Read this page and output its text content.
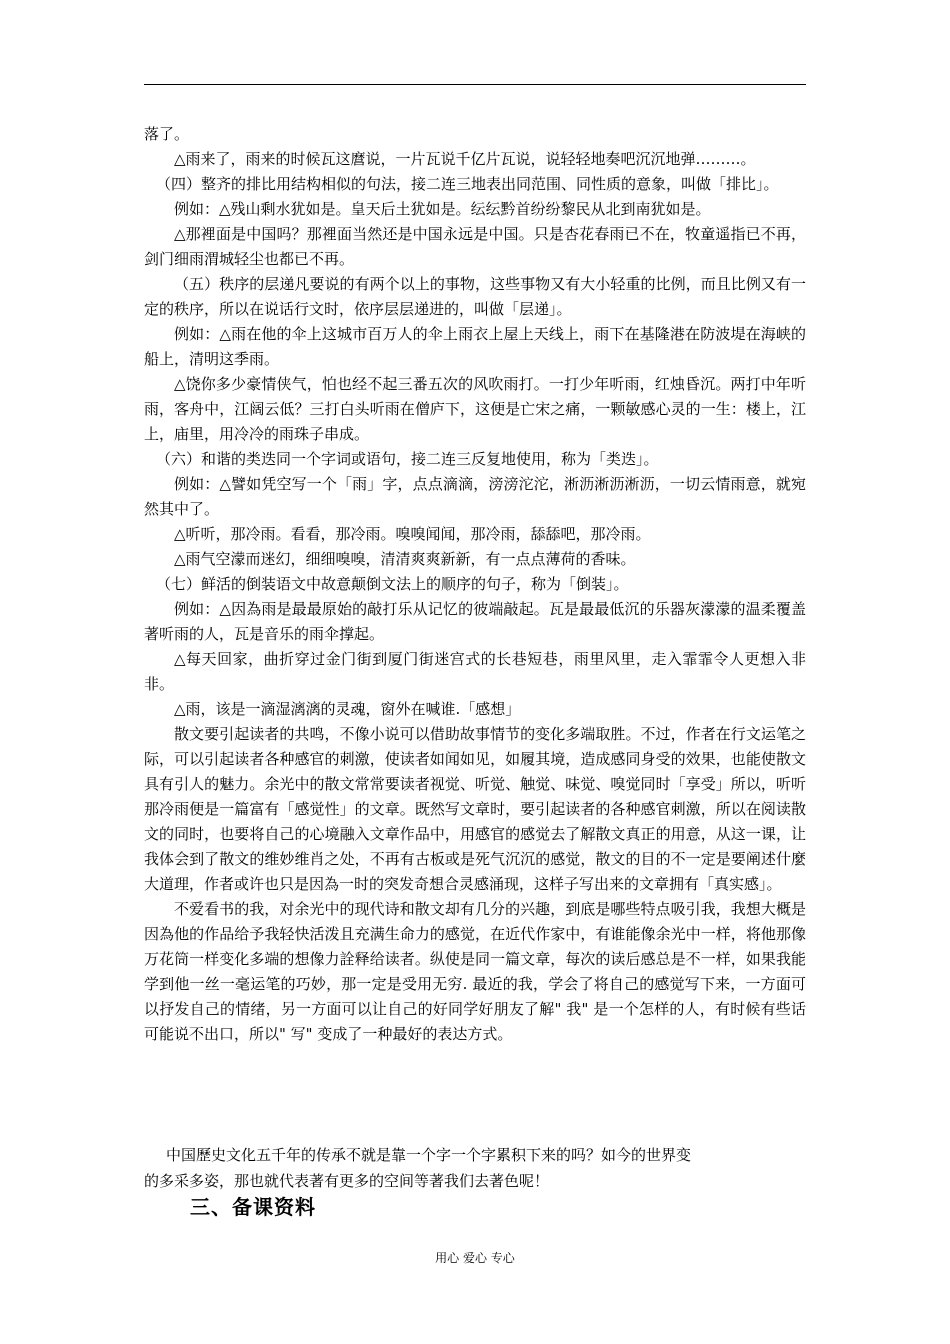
落了。

△雨来了，雨来的时候瓦这麿说，一片瓦说千亿片瓦说，说轻轻地奏吧沉沉地弹………。

（四）整齐的排比用结构相似的句法，接二连三地表出同范围、同性质的意象，叫做「排比」。

例如：△残山剩水犹如是。皇天后土犹如是。纭纭黔首纷纷黎民从北到南犹如是。

△那裡面是中国吗？那裡面当然还是中国永远是中国。只是杏花春雨已不在，牧童遥指已不再，剑门细雨渭城轻尘也都已不再。

（五）秩序的层递凡要说的有两个以上的事物，这些事物又有大小轻重的比例，而且比例又有一定的秩序，所以在说话行文时，依序层层递进的，叫做「层递」。

例如：△雨在他的伞上这城市百万人的伞上雨衣上屋上天线上，雨下在基隆港在防波堤在海峡的船上，清明这季雨。

△饶你多少豪情侠气，怕也经不起三番五次的风吹雨打。一打少年听雨，红烛昏沉。两打中年听雨，客舟中，江阔云低？三打白头听雨在僧庐下，这便是亡宋之痛，一颗敏感心灵的一生：楼上，江上，庙里，用冷冷的雨珠子串成。

（六）和谐的类迭同一个字词或语句，接二连三反复地使用，称为「类迭」。

例如：△譬如凭空写一个「雨」字，点点滴滴，滂滂沱沱，淅沥淅沥淅沥，一切云情雨意，就宛然其中了。

△听听，那冷雨。看看，那冷雨。嗅嗅闻闻，那冷雨，舔舔吧，那冷雨。

△雨气空濛而迷幻，细细嗅嗅，清清爽爽新新，有一点点薄荷的香味。

（七）鲜活的倒装语文中故意颠倒文法上的顺序的句子，称为「倒装」。

例如：△因為雨是最最原始的敲打乐从记忆的彼端敲起。瓦是最最低沉的乐器灰濛濛的温柔覆盖著听雨的人，瓦是音乐的雨伞撑起。

△每天回家，曲折穿过金门街到厦门街迷宫式的长巷短巷，雨里风里，走入霏霏令人更想入非非。

△雨，该是一滴湿漓漓的灵魂，窗外在喊谁.「感想」

散文要引起读者的共鸣，不像小说可以借助故事情节的变化多端取胜。不过，作者在行文运笔之际，可以引起读者各种感官的刺激，使读者如闻如见，如履其境，造成感同身受的效果，也能使散文具有引人的魅力。余光中的散文常常要读者视觉、听觉、触觉、味觉、嗅觉同时「享受」所以，听听那冷雨便是一篇富有「感觉性」的文章。既然写文章时，要引起读者的各种感官刺激，所以在阅读散文的同时，也要将自己的心境融入文章作品中，用感官的感觉去了解散文真正的用意，从这一课，让我体会到了散文的维妙维肖之处，不再有古板或是死气沉沉的感觉，散文的目的不一定是要阐述什麼大道理，作者或许也只是因為一时的突发奇想合灵感涌现，这样子写出来的文章拥有「真实感」。

不爱看书的我，对余光中的现代诗和散文却有几分的兴趣，到底是哪些特点吸引我，我想大概是因為他的作品给予我轻快活泼且充满生命力的感觉，在近代作家中，有谁能像余光中一样，将他那像万花筒一样变化多端的想像力詮释给读者。纵使是同一篇文章，每次的读后感总是不一样，如果我能学到他一丝一毫运笔的巧妙，那一定是受用无穷. 最近的我，学会了将自己的感觉写下来，一方面可以抒发自己的情绪，另一方面可以让自己的好同学好朋友了解" 我" 是一个怎样的人，有时候有些话可能说不出口，所以" 写" 变成了一种最好的表达方式。

中国歷史文化五千年的传承不就是靠一个字一个字累积下来的吗？如今的世界变

的多采多姿，那也就代表著有更多的空间等著我们去著色呢！

三、备课资料
用心 爱心 专心
